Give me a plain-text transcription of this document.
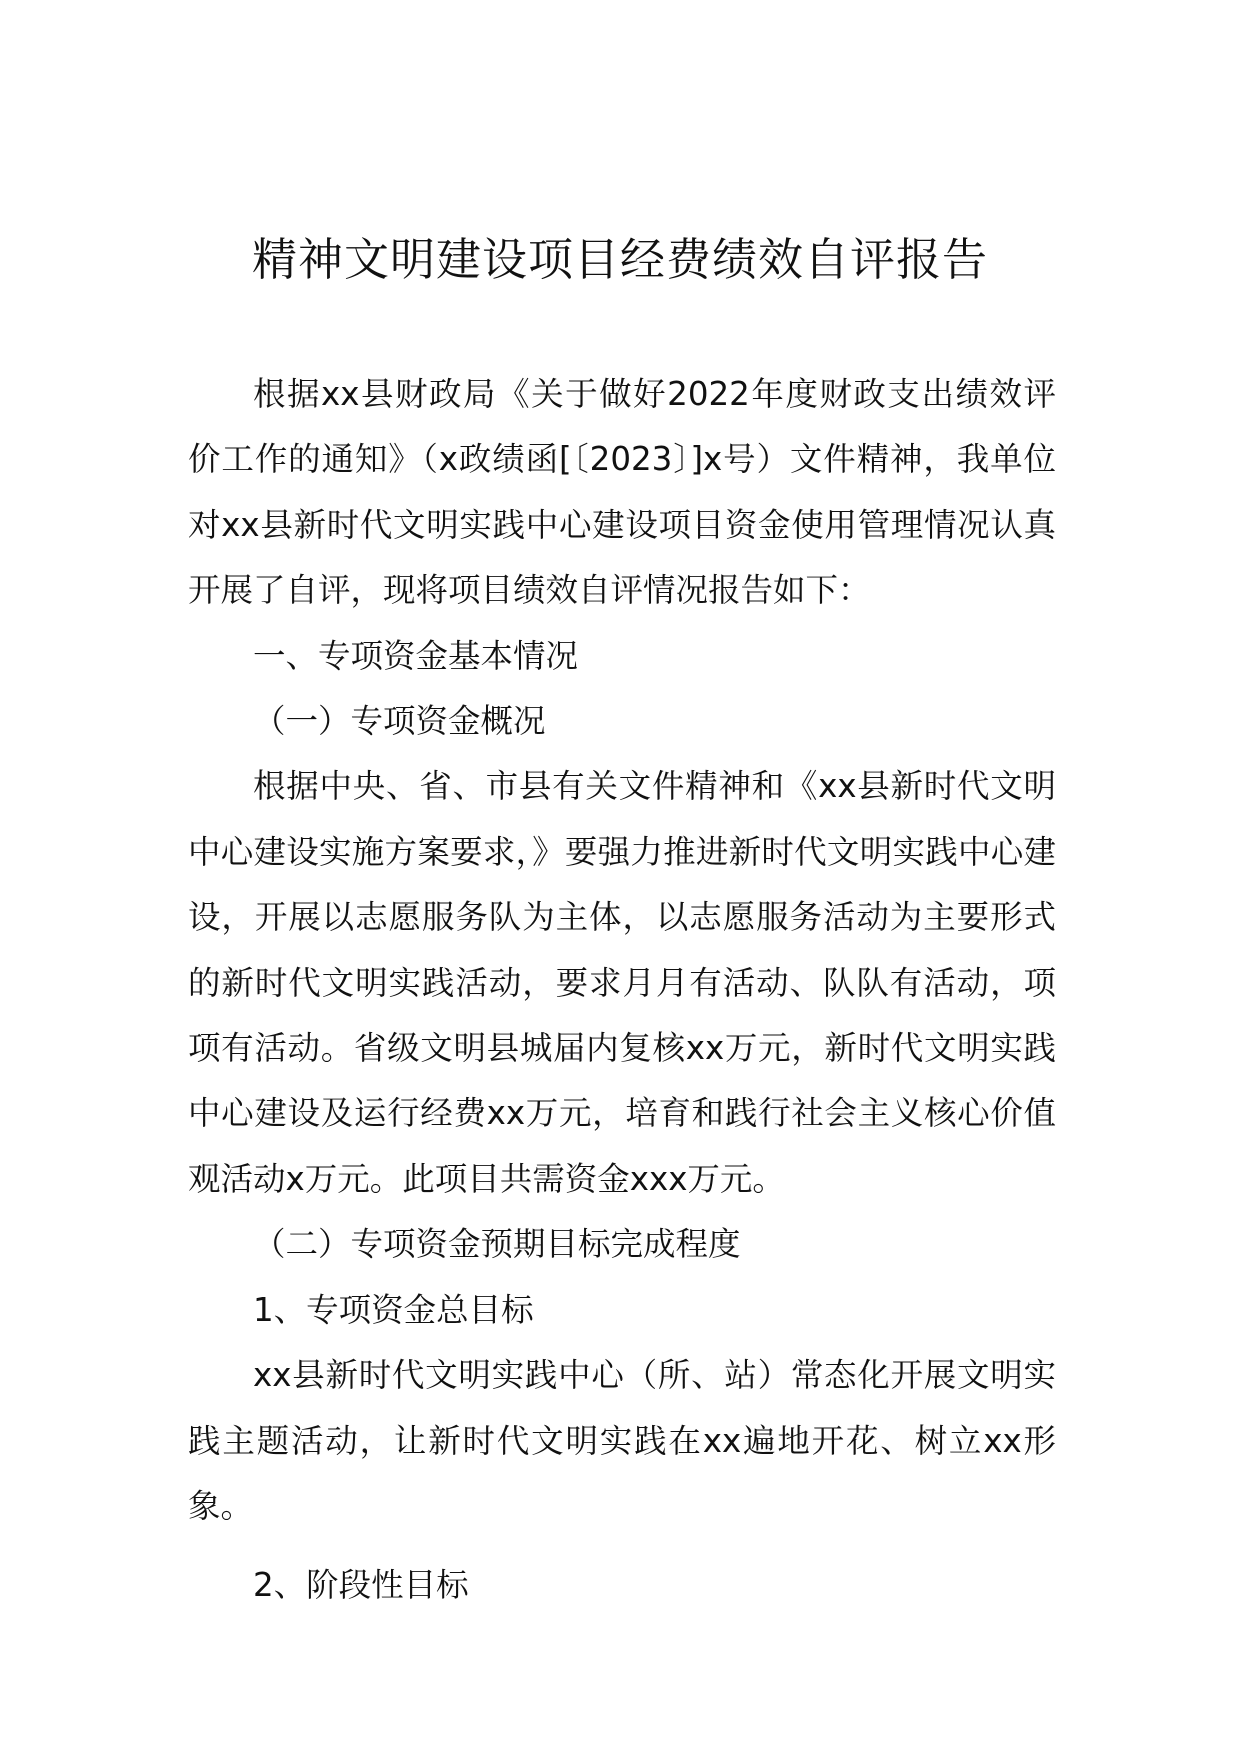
精神文明建设项目经费绩效自评报告

根据xx县财政局《关于做好2022年度财政支出绩效评价工作的通知》（x政绩函[〔2023〕]x号）文件精神，我单位对xx县新时代文明实践中心建设项目资金使用管理情况认真开展了自评，现将项目绩效自评情况报告如下：

一、专项资金基本情况

（一）专项资金概况

根据中央、省、市县有关文件精神和《xx县新时代文明中心建设实施方案要求，》要强力推进新时代文明实践中心建设，开展以志愿服务队为主体，以志愿服务活动为主要形式的新时代文明实践活动，要求月月有活动、队队有活动，项项有活动。省级文明县城届内复核xx万元，新时代文明实践中心建设及运行经费xx万元，培育和践行社会主义核心价值观活动x万元。此项目共需资金xxx万元。

（二）专项资金预期目标完成程度

1、专项资金总目标

xx县新时代文明实践中心（所、站）常态化开展文明实践主题活动，让新时代文明实践在xx遍地开花、树立xx形象。

2、阶段性目标
